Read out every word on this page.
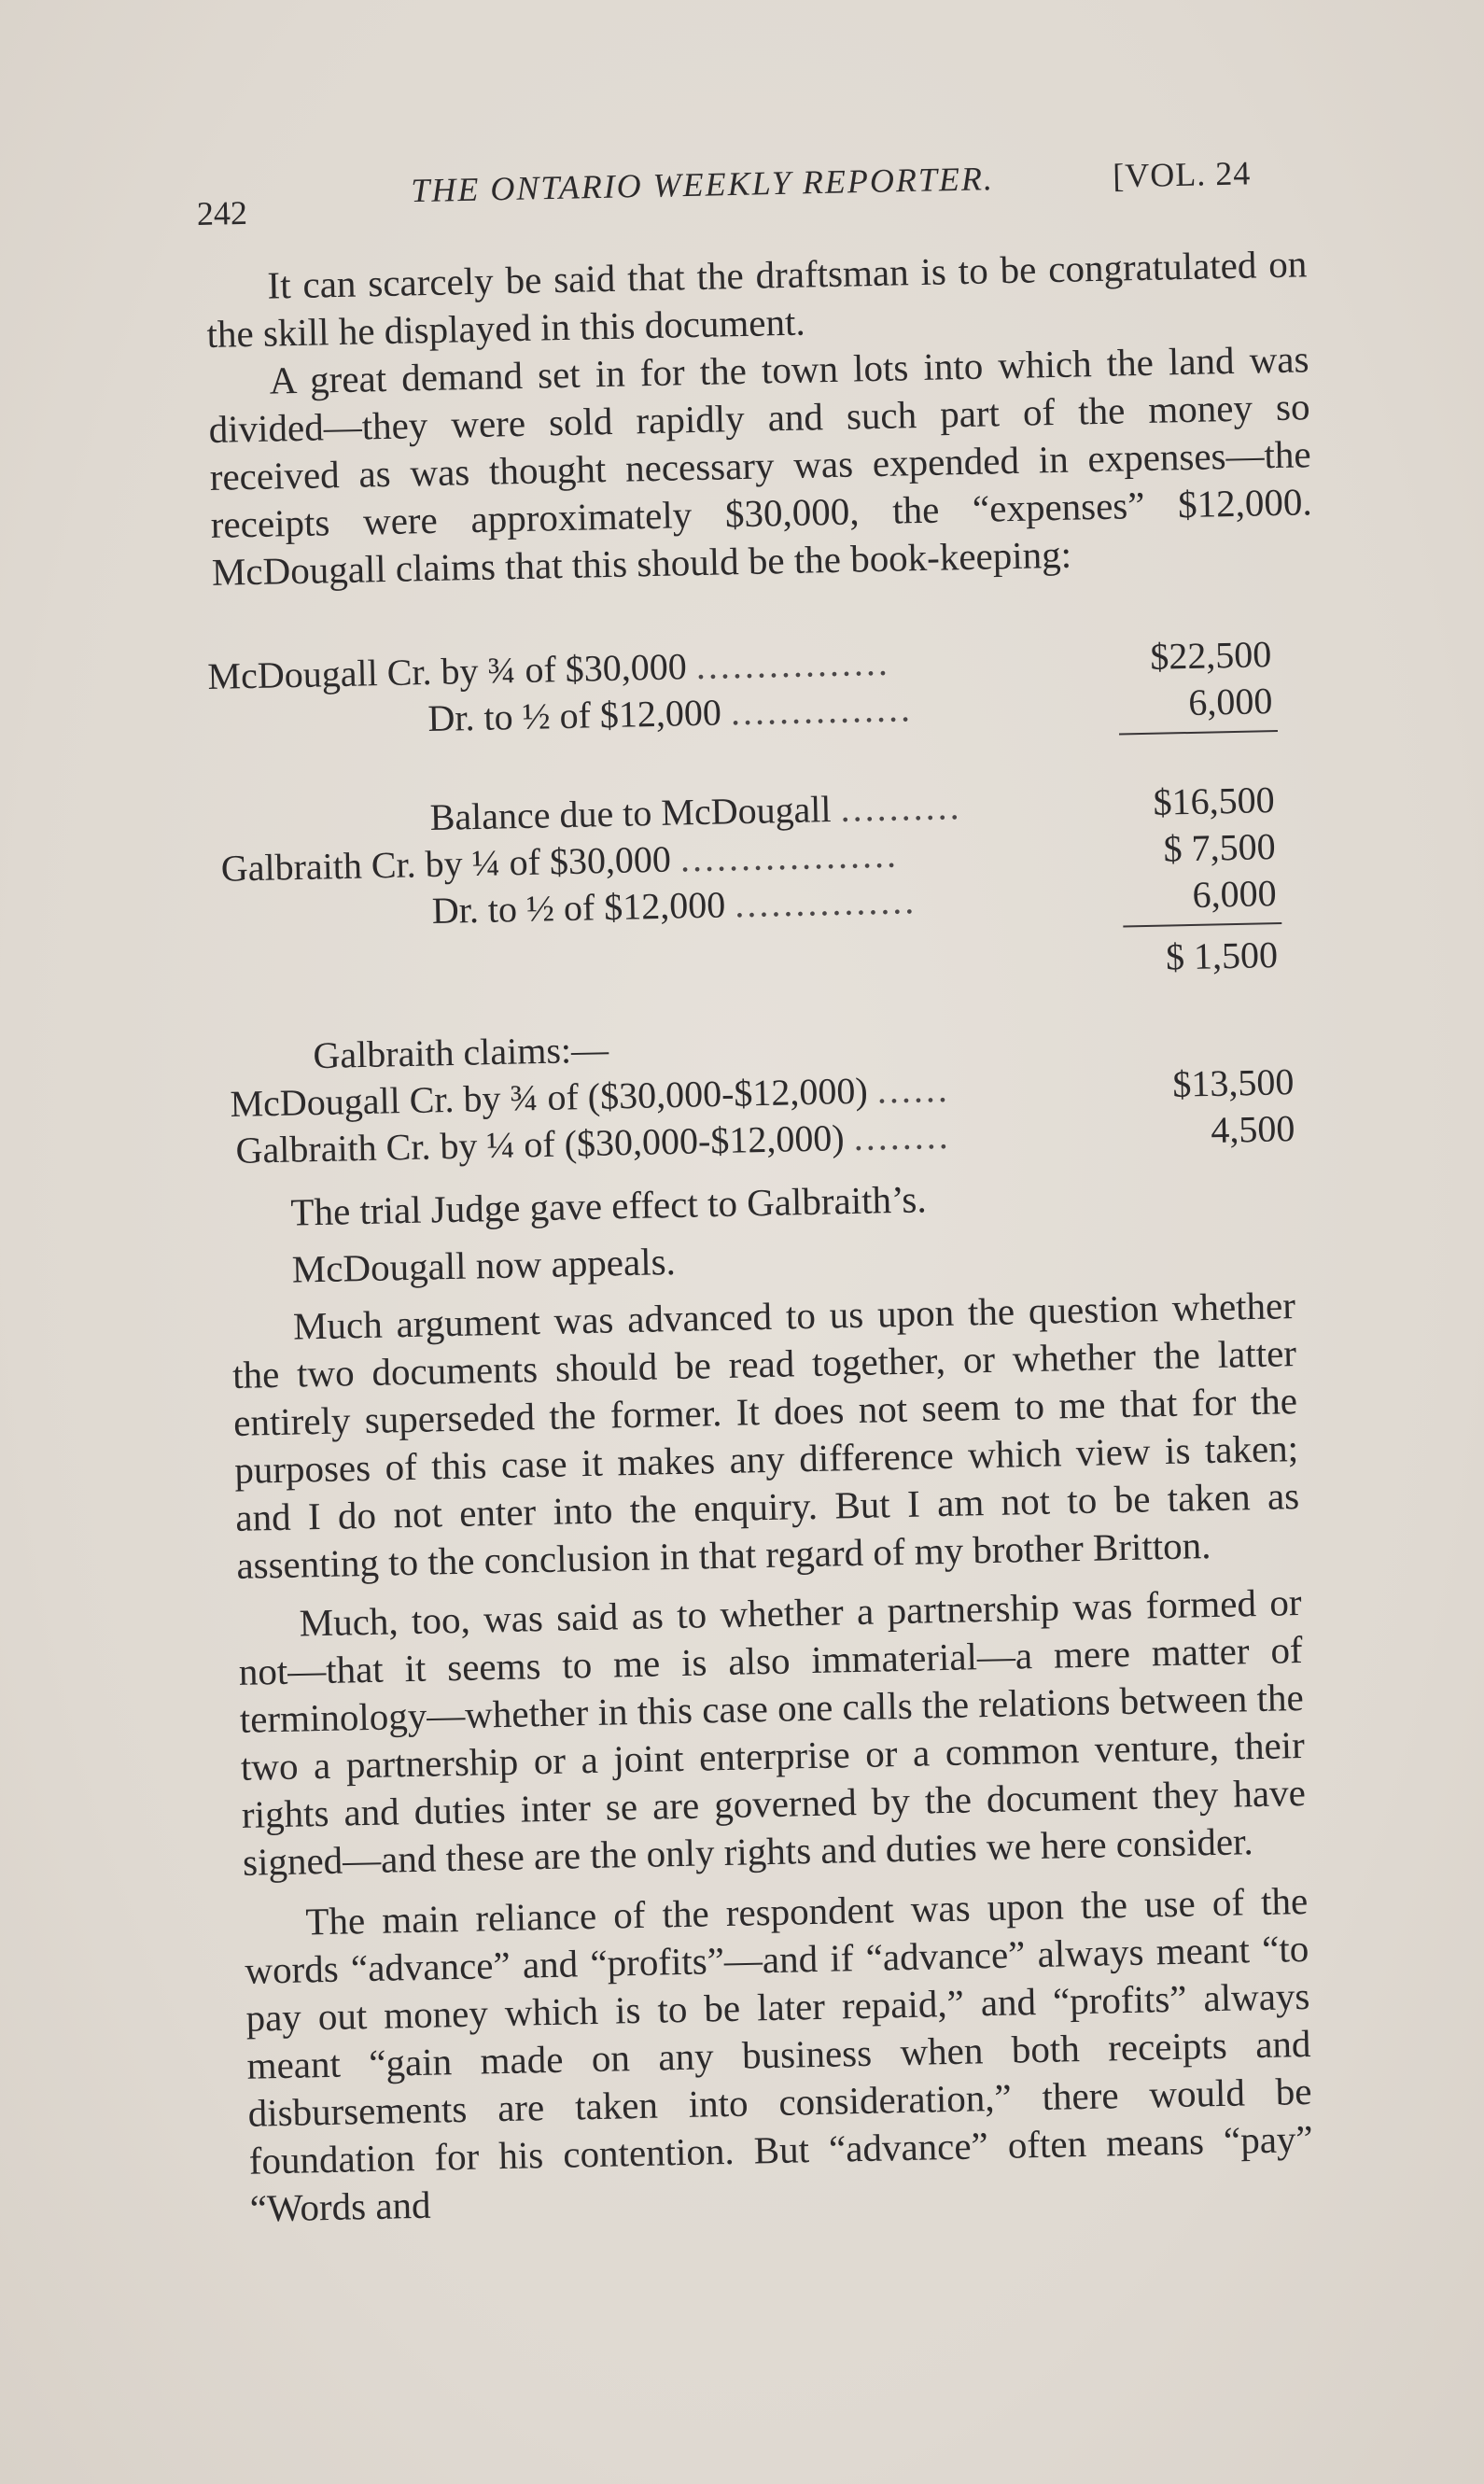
242
THE ONTARIO WEEKLY REPORTER.	[VOL. 24

It can scarcely be said that the draftsman is to be congratulated on the skill he displayed in this document.

A great demand set in for the town lots into which the land was divided—they were sold rapidly and such part of the money so received as was thought necessary was expended in expenses—the receipts were approximately $30,000, the “expenses” $12,000. McDougall claims that this should be the book-keeping:

McDougall Cr. by ¾ of $30,000 ................	$22,500
Dr. to ½ of $12,000 ...............	6,000
Balance due to McDougall ..........	$16,500
Galbraith Cr. by ¼ of $30,000 ..................	$ 7,500
Dr. to ½ of $12,000 ...............	6,000
$ 1,500
Galbraith claims:—
McDougall Cr. by ¾ of ($30,000-$12,000) ......	$13,500
Galbraith Cr. by ¼ of ($30,000-$12,000) ........	4,500

The trial Judge gave effect to Galbraith’s.

McDougall now appeals.

Much argument was advanced to us upon the question whether the two documents should be read together, or whether the latter entirely superseded the former. It does not seem to me that for the purposes of this case it makes any difference which view is taken; and I do not enter into the enquiry. But I am not to be taken as assenting to the conclusion in that regard of my brother Britton.

Much, too, was said as to whether a partnership was formed or not—that it seems to me is also immaterial—a mere matter of terminology—whether in this case one calls the relations between the two a partnership or a joint enterprise or a common venture, their rights and duties inter se are governed by the document they have signed—and these are the only rights and duties we here consider.

The main reliance of the respondent was upon the use of the words “advance” and “profits”—and if “advance” always meant “to pay out money which is to be later repaid,” and “profits” always meant “gain made on any business when both receipts and disbursements are taken into consideration,” there would be foundation for his contention. But “advance” often means “pay” “Words and
